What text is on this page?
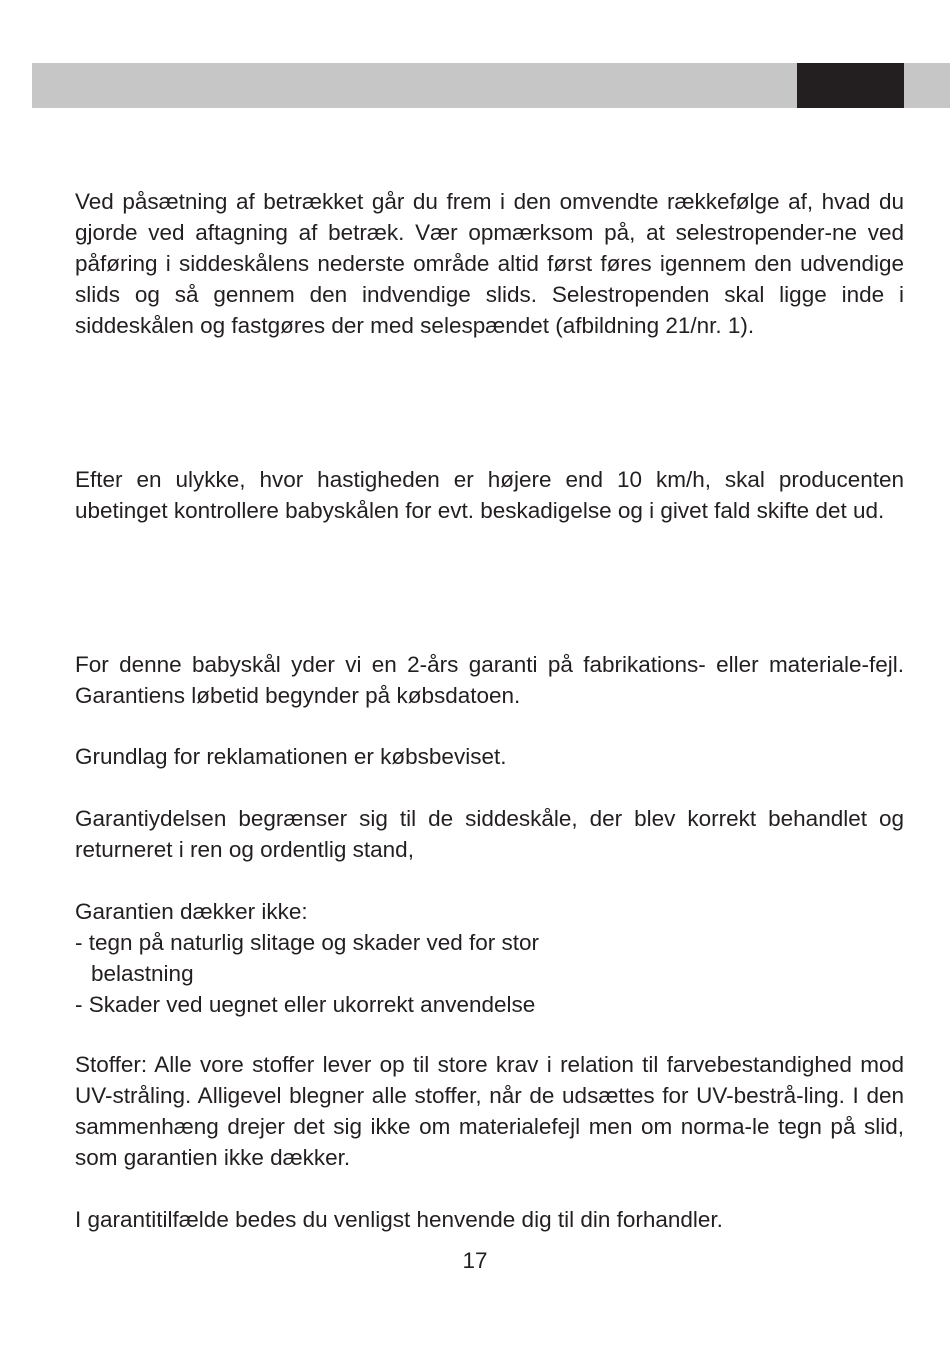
Ved påsætning af betrækket går du frem i den omvendte rækkefølge af, hvad du gjorde ved aftagning af betræk. Vær opmærksom på, at selestropender-ne ved påføring i siddeskålens nederste område altid først føres igennem den udvendige slids og så gennem den indvendige slids. Selestropenden skal ligge inde i siddeskålen og fastgøres der med selespændet (afbildning 21/nr. 1).
Efter en ulykke, hvor hastigheden er højere end 10 km/h, skal producenten ubetinget kontrollere babyskålen for evt. beskadigelse og i givet fald skifte det ud.
For denne babyskål yder vi en 2-års garanti på fabrikations- eller materiale-fejl. Garantiens løbetid begynder på købsdatoen.
Grundlag for reklamationen er købsbeviset.
Garantiydelsen begrænser sig til de siddeskåle, der blev korrekt behandlet og returneret i ren og ordentlig stand,
Garantien dækker ikke:
- tegn på naturlig slitage og skader ved for stor
belastning
- Skader ved uegnet eller ukorrekt anvendelse
Stoffer: Alle vore stoffer lever op til store krav i relation til farvebestandighed mod UV-stråling. Alligevel blegner alle stoffer, når de udsættes for UV-bestrå-ling. I den sammenhæng drejer det sig ikke om materialefejl men om norma-le tegn på slid, som garantien ikke dækker.
I garantitilfælde bedes du venligst henvende dig til din forhandler.
17
